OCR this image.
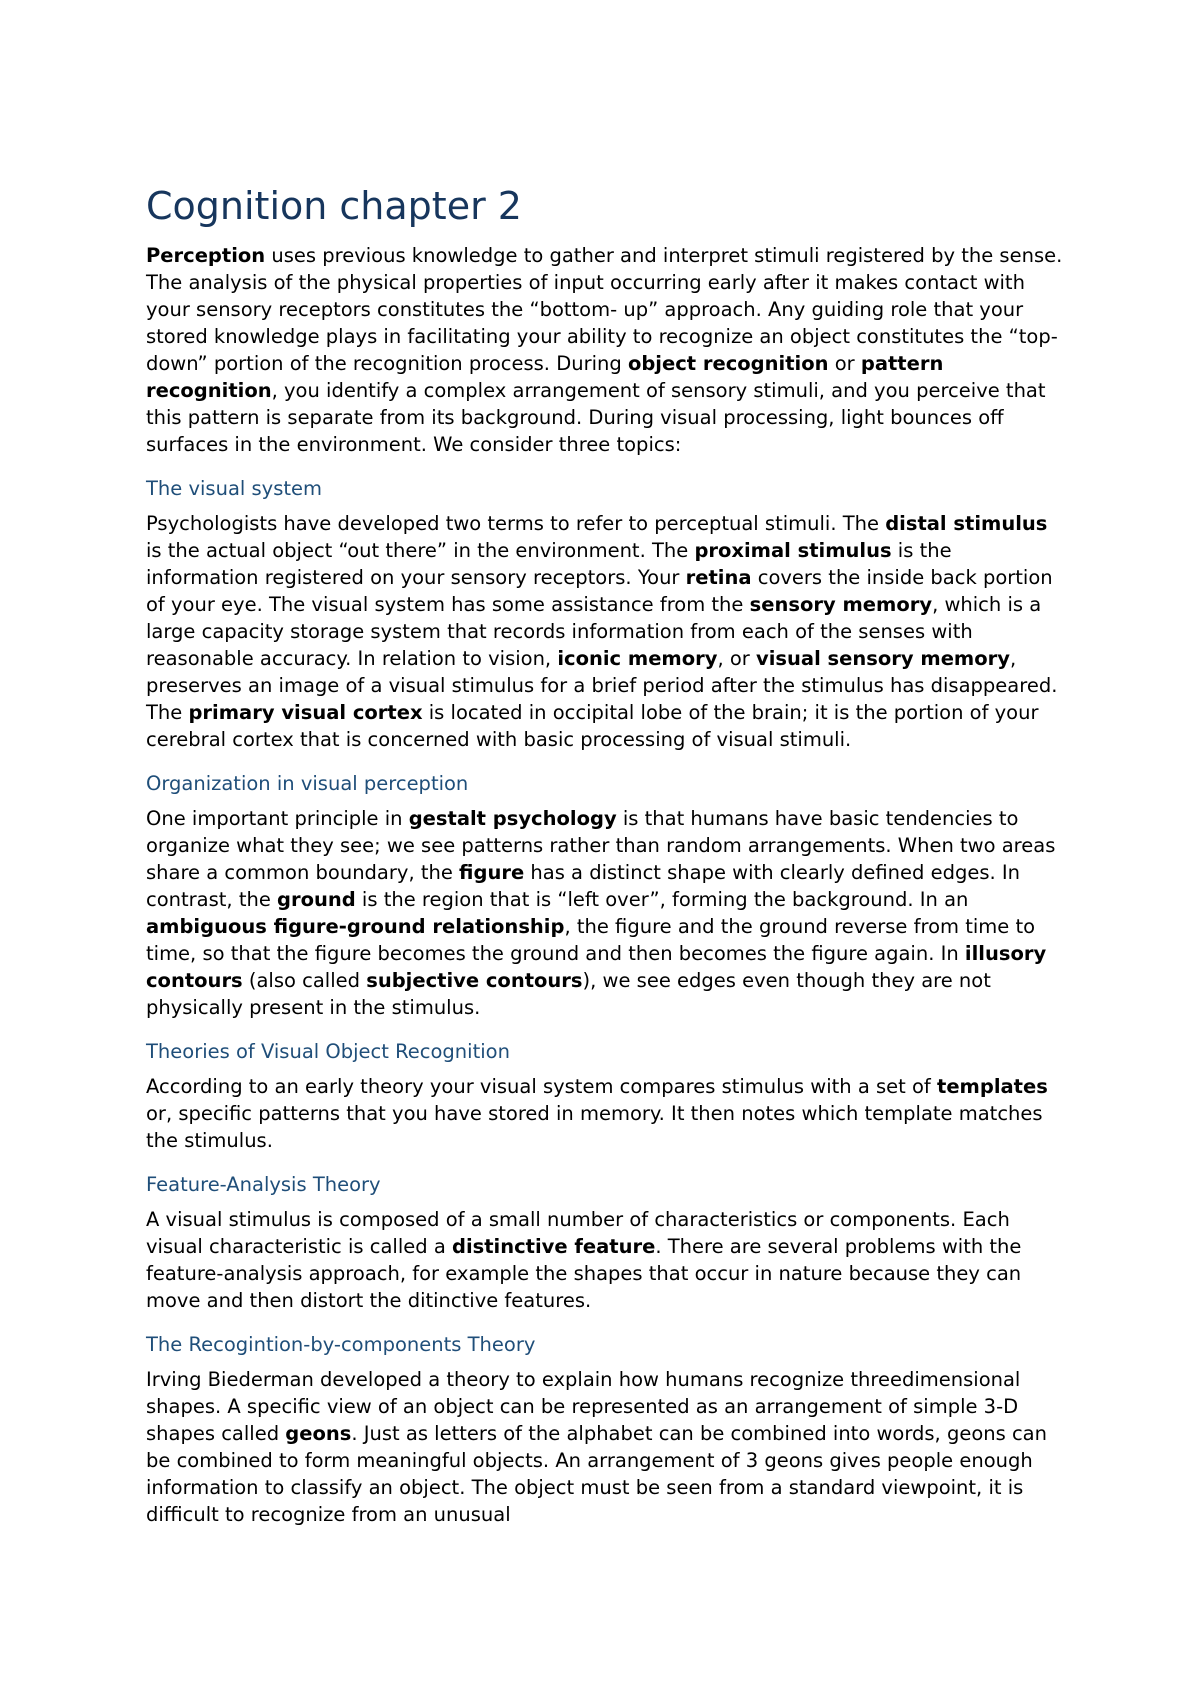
Cognition chapter 2

Perception uses previous knowledge to gather and interpret stimuli registered by the sense. The analysis of the physical properties of input occurring early after it makes contact with your sensory receptors constitutes the “bottom- up” approach. Any guiding role that your stored knowledge plays in facilitating your ability to recognize an object constitutes the “top-down” portion of the recognition process. During object recognition or pattern recognition, you identify a complex arrangement of sensory stimuli, and you perceive that this pattern is separate from its background. During visual processing, light bounces off surfaces in the environment. We consider three topics:

The visual system

Psychologists have developed two terms to refer to perceptual stimuli. The distal stimulus is the actual object “out there” in the environment. The proximal stimulus is the information registered on your sensory receptors. Your retina covers the inside back portion of your eye. The visual system has some assistance from the sensory memory, which is a large capacity storage system that records information from each of the senses with reasonable accuracy. In relation to vision, iconic memory, or visual sensory memory, preserves an image of a visual stimulus for a brief period after the stimulus has disappeared. The primary visual cortex is located in occipital lobe of the brain; it is the portion of your cerebral cortex that is concerned with basic processing of visual stimuli.

Organization in visual perception

One important principle in gestalt psychology is that humans have basic tendencies to organize what they see; we see patterns rather than random arrangements. When two areas share a common boundary, the figure has a distinct shape with clearly defined edges. In contrast, the ground is the region that is “left over”, forming the background. In an ambiguous figure-ground relationship, the figure and the ground reverse from time to time, so that the figure becomes the ground and then becomes the figure again. In illusory contours (also called subjective contours), we see edges even though they are not physically present in the stimulus.

Theories of Visual Object Recognition

According to an early theory your visual system compares stimulus with a set of templates or, specific patterns that you have stored in memory. It then notes which template matches the stimulus.

Feature-Analysis Theory

A visual stimulus is composed of a small number of characteristics or components. Each visual characteristic is called a distinctive feature. There are several problems with the feature-analysis approach, for example the shapes that occur in nature because they can move and then distort the ditinctive features.

The Recogintion-by-components Theory

Irving Biederman developed a theory to explain how humans recognize threedimensional shapes. A specific view of an object can be represented as an arrangement of simple 3-D shapes called geons. Just as letters of the alphabet can be combined into words, geons can be combined to form meaningful objects. An arrangement of 3 geons gives people enough information to classify an object. The object must be seen from a standard viewpoint, it is difficult to recognize from an unusual
